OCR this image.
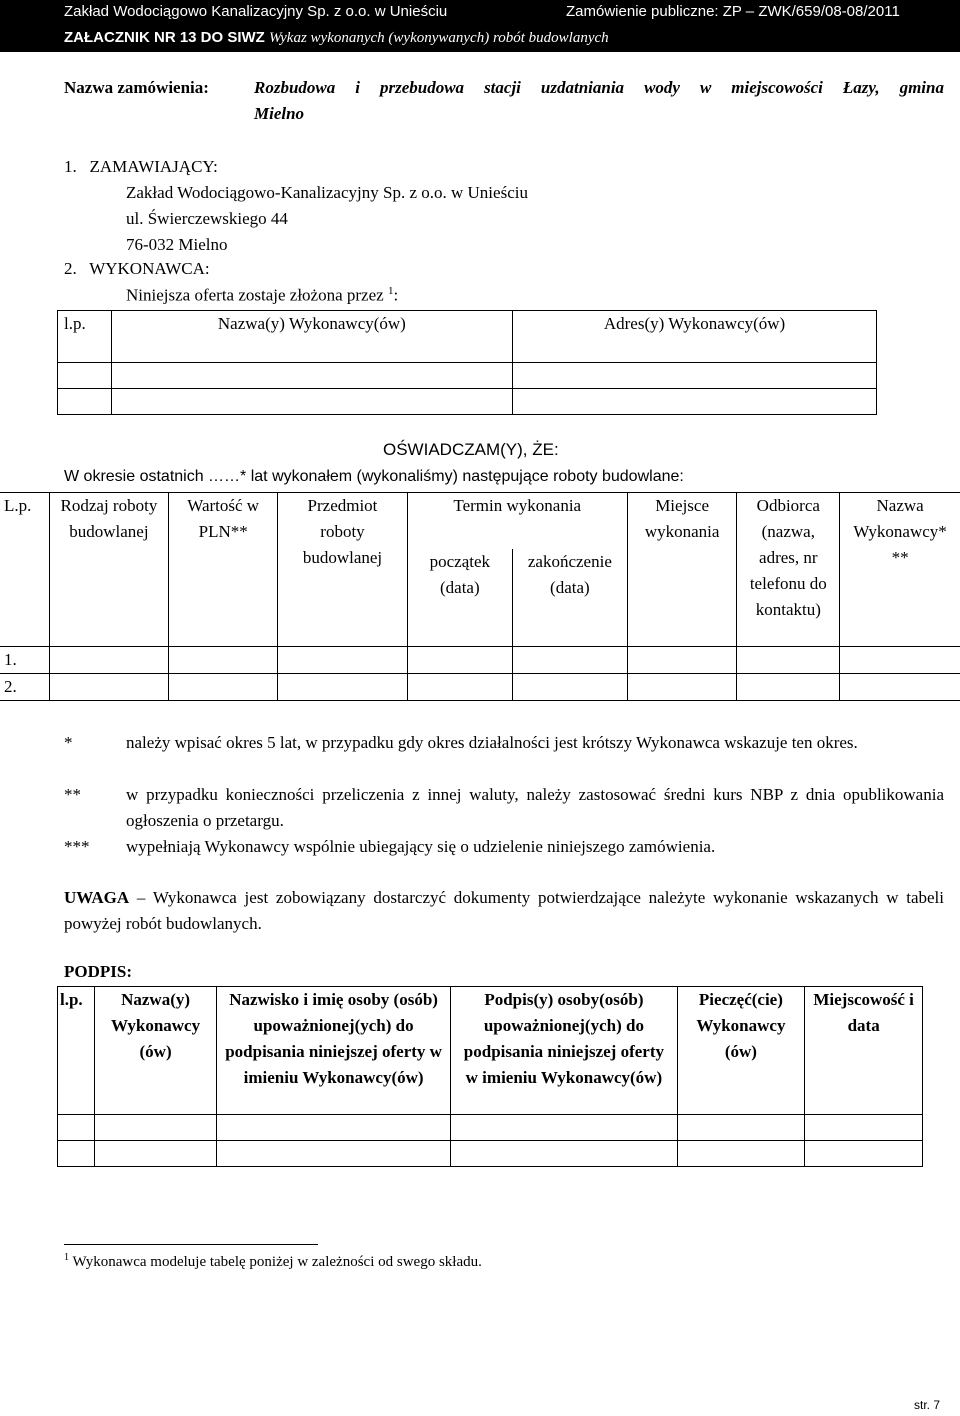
Zakład Wodociągowo Kanalizacyjny Sp. z o.o. w Unieściu	Zamówienie publiczne: ZP – ZWK/659/08-08/2011
ZAŁACZNIK NR 13 DO SIWZ Wykaz wykonanych (wykonywanych) robót budowlanych
Nazwa zamówienia:	Rozbudowa i przebudowa stacji uzdatniania wody w miejscowości Łazy, gmina
Mielno
1.   ZAMAWIAJĄCY:
Zakład Wodociągowo-Kanalizacyjny Sp. z o.o. w Unieściu
ul. Świerczewskiego 44
76-032 Mielno
2.   WYKONAWCA:
Niniejsza oferta zostaje złożona przez $^1$:
l.p.	Nazwa(y) Wykonawcy(ów)	Adres(y) Wykonawcy(ów)

OŚWIADCZAM(Y), ŻE:
W okresie ostatnich ……* lat wykonałem (wykonaliśmy) następujące roboty budowlane:
L.p.	Rodzaj roboty budowlanej	Wartość w PLN**	Przedmiot roboty budowlanej	Termin wykonania		Miejsce wykonania	Odbiorca (nazwa, adres, nr telefonu do kontaktu)	Nazwa Wykonawcy* **
				początek (data)	zakończenie (data)			
1.								
2.								
*	należy wpisać okres 5 lat, w przypadku gdy okres działalności jest krótszy Wykonawca wskazuje ten okres.
**	w przypadku konieczności przeliczenia z innej waluty, należy zastosować średni kurs NBP z dnia opublikowania ogłoszenia o przetargu.
*** wypełniają Wykonawcy wspólnie ubiegający się o udzielenie niniejszego zamówienia.
UWAGA – Wykonawca jest zobowiązany dostarczyć dokumenty potwierdzające należyte wykonanie wskazanych w tabeli powyżej robót budowlanych.
PODPIS:
l.p.	Nazwa(y) Wykonawcy (ów)	Nazwisko i imię osoby (osób) upoważnionej(ych) do podpisania niniejszej oferty w imieniu Wykonawcy(ów)	Podpis(y) osoby(osób) upoważnionej(ych) do podpisania niniejszej oferty w imieniu Wykonawcy(ów)	Pieczęć(cie) Wykonawcy (ów)	Miejscowość i data

$^1$ Wykonawca modeluje tabelę poniżej w zależności od swego składu.
str. 7
